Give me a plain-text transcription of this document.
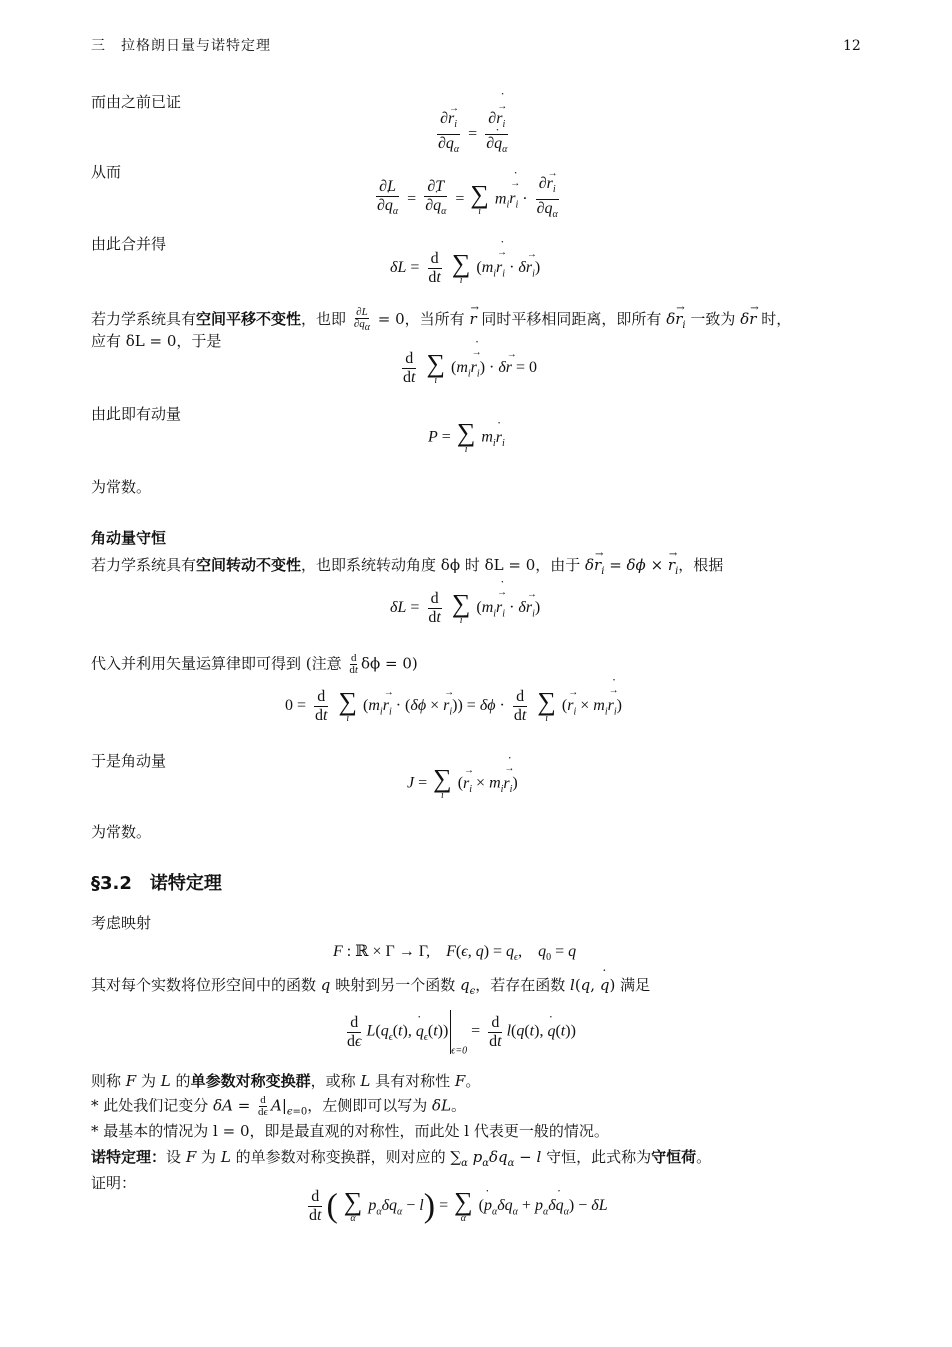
三　拉格朗日量与诺特定理	12
而由之前已证
$\frac{\partial\to r_i}{\partial q_\alpha} = \frac{\partial\to r ˙_i}{\partial˙ q_\alpha}$
从而
$\frac{\partial L}{\partial˙ q_\alpha} = \frac{\partial T}{\partial˙ q_\alpha}$ = ∑
i
$m_i\to r$ $˙_i \cdot \frac{\partial\to r_i}{\partial q_\alpha}$
由此合并得
$\delta L = \frac{d}{dt}$
∑
i
($m_i\to r$ $˙_i \cdot \delta\to r_i$)
若力学系统具有空间平移不变性，也即 $\frac{\partial L}{\partial q_\alpha} = 0$，当所有 → r 同时平移相同距离，即所有 $\delta\to r_i$ 一致为 δ→ r 时，
应有 δL = 0，于是
$\frac{d}{dt}$
∑
i
($m_i\to r$ $˙_i) \cdot \delta\to r = 0$
由此即有动量
P = ∑
i
$m_i˙$ $r_i$
为常数。
角动量守恒
若力学系统具有空间转动不变性，也即系统转动角度 δϕ 时 δL = 0，由于 $\delta\to r_i = \delta\phi$ × → $r_i$，根据
$\delta L = \frac{d}{dt}$
∑
i
($m_i\to r$ $˙_i \cdot \delta\to r_i$)
代入并利用矢量运算律即可得到 (注意 $\frac{d}{dt}$ δϕ = 0)
$0 = \frac{d}{dt}$
∑
i
($m_i\to r_i \cdot (\delta\phi$ × → $r_i)) = \delta\phi \cdot \frac{d}{dt}$
∑
i
(→ $r_i \times m_i\to r$ $˙_i$)
于是角动量
J = ∑
i
(→ $r_i \times m_i\to r$ $˙_i$)
为常数。
§3.2　诺特定理
考虑映射
F : ℝ × Γ → Γ,    F(ϵ, $q) = q_\epsilon$,    $q_0 = q$
其对每个实数将位形空间中的函数 q 映射到另一个函数 $q_\epsilon$，若存在函数 l(q, ˙ q) 满足
$\frac{d}{d\epsilon} L(q_\epsilon(t)$, ˙ $q_\epsilon(t))_{\epsilon=0} = \frac{d}{dt} l(q(t)$, ˙ q(t))
则称 F 为 L 的单参数对称变换群，或称 L 具有对称性 F。
* 此处我们记变分 $\delta A = \frac{d}{d\epsilon} A|_{\epsilon=0}$，左侧即可以写为 δL。
* 最基本的情况为 l = 0，即是最直观的对称性，而此处 l 代表更一般的情况。
诺特定理：设 F 为 L 的单参数对称变换群，则对应的 $\sum_\alpha$ $p_\alpha\delta q_\alpha - l$ 守恒，此式称为守恒荷。
证明：
$\frac{d}{dt}$ ( ∑
α
$p_\alpha\delta q_\alpha - l$) = ∑
α
(˙ $p_\alpha\delta q_\alpha$ + $p_\alpha\delta˙$ $q_\alpha) - \delta L$
